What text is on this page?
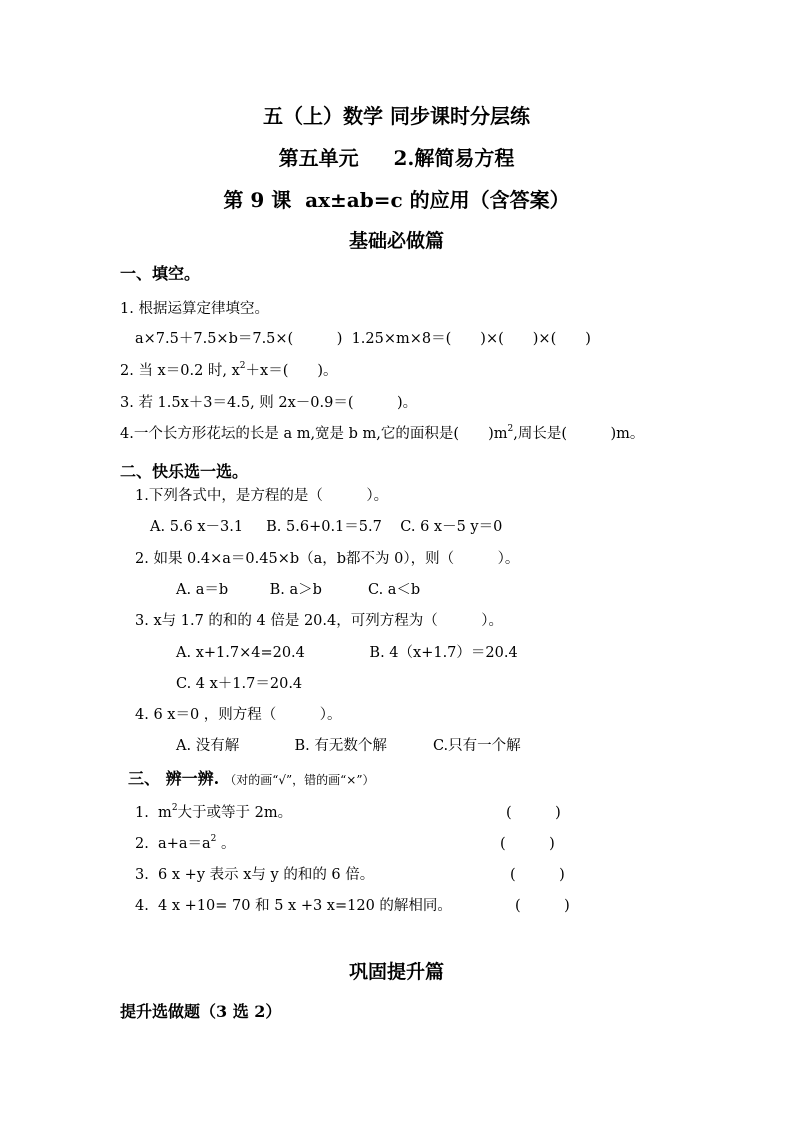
五（上）数学 同步课时分层练
第五单元     2.解简易方程
第 9 课  ax±ab=c 的应用（含答案）
基础必做篇
一、填空。
1. 根据运算定律填空。
a×7.5＋7.5×b＝7.5×(　　　)  1.25×m×8＝(　　)×(　　)×(　　)
2. 当 x＝0.2 时, $x^2+x=$(　　)。
3. 若 1.5x＋3＝4.5, 则 2x－0.9＝(　　　)。
4.一个长方形花坛的长是 a m,宽是 b m,它的面积是(　　)$m^2$,周长是(　　　)m。
二、快乐选一选。
1.下列各式中，是方程的是（　　　）。
A. 5.6 x－3.1     B. 5.6+0.1＝5.7    C. 6 x－5 y＝0
2. 如果 0.4×a＝0.45×b（a，b都不为 0），则（　　　）。
A. a＝b         B. a＞b          C. a＜b
3. x与 1.7 的和的 4 倍是 20.4，可列方程为（　　　）。
A. x+1.7×4=20.4              B. 4（x+1.7）＝20.4
C. 4 x＋1.7＝20.4
4. 6 x＝0 ，则方程（　　　）。
A. 没有解            B. 有无数个解          C.只有一个解
三、 辨一辨. （对的画“√”，错的画“×”）
1.  $m^2$大于或等于 2m。	(　　　)
2.  $a+a=a^2$ 。	(　　　)
3.  6 x +y 表示 x与 y 的和的 6 倍。	(　　　)
4.  4 x +10= 70 和 5 x +3 x=120 的解相同。	(　　　)
巩固提升篇
提升选做题（3 选 2）
